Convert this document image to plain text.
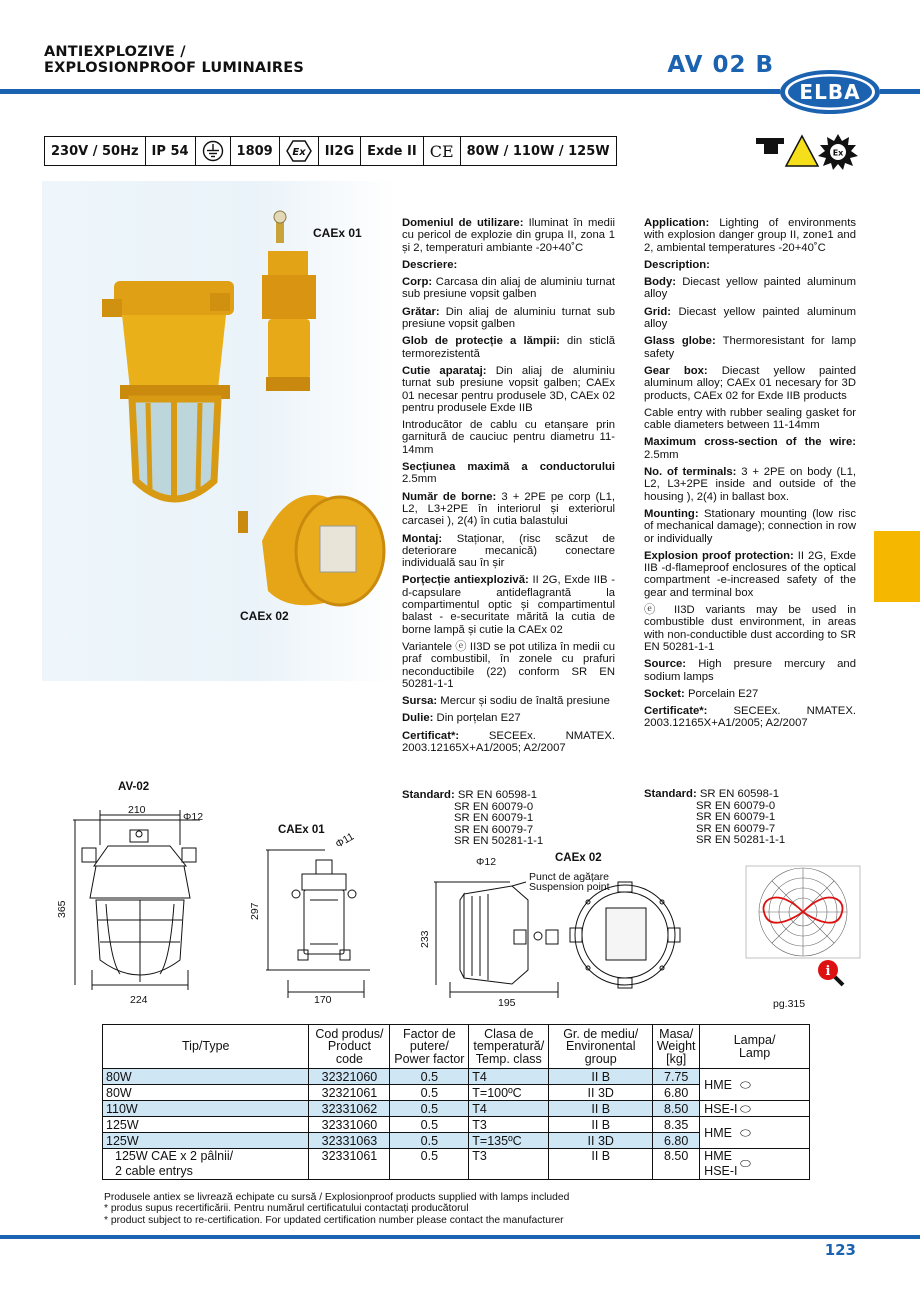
ANTIEXPLOZIVE /
EXPLOSIONPROOF LUMINAIRES	AV 02 B
ELBA
230V / 50Hz	IP 54	1809	Ex	II2G	Exde II CE	80W / 110W / 125W	Ex
CAEx 01
CAEx 02

Domeniul de utilizare: Iluminat în medii cu pericol de explozie din grupa II, zona 1 și 2, temperaturi ambiante -20+40˚C

Descriere:

Corp: Carcasa din aliaj de aluminiu turnat sub presiune vopsit galben

Grătar: Din aliaj de aluminiu turnat sub presiune vopsit galben

Glob de protecție a lămpii: din sticlă termorezistentă

Cutie aparataj: Din aliaj de aluminiu turnat sub presiune vopsit galben; CAEx 01 necesar pentru produsele 3D, CAEx 02 pentru produsele Exde IIB

Introducător de cablu cu etanșare prin garnitură de cauciuc pentru diametru 11-14mm

Secțiunea maximă a conductorului 2.5mm

Număr de borne: 3 + 2PE pe corp (L1, L2, L3+2PE în interiorul și exteriorul carcasei ), 2(4) în cutia balastului

Montaj: Staționar, (risc scăzut de deteriorare mecanică) conectare individuală sau în șir

Porțecție antiexplozivă: II 2G, Exde IIB -d-capsulare antideflagrantă la compartimentul optic și compartimentul balast - e-securitate mărită la cutia de borne lampă și cutie la CAEx 02

Variantele ⓔ II3D se pot utiliza în medii cu praf combustibil, în zonele cu prafuri neconductibile (22) conform SR EN 50281-1-1

Sursa: Mercur și sodiu de înaltă presiune

Dulie: Din porțelan E27

Certificat*: SECEEx. NMATEX. 2003.12165X+A1/2005; A2/2007

Application: Lighting of environments with explosion danger group II, zone1 and 2, ambiental temperatures -20+40˚C

Description:

Body: Diecast yellow painted aluminum alloy

Grid: Diecast yellow painted aluminum alloy

Glass globe: Thermoresistant for lamp safety

Gear box: Diecast yellow painted aluminum alloy; CAEx 01 necesary for 3D products, CAEx 02 for Exde IIB products

Cable entry with rubber sealing gasket for cable diameters between 11-14mm

Maximum cross-section of the wire: 2.5mm

No. of terminals: 3 + 2PE on body (L1, L2, L3+2PE inside and outside of the housing ), 2(4) in ballast box.

Mounting: Stationary mounting (low risc of mechanical damage); connection in row or individually

Explosion proof protection: II 2G, Exde IIB -d-flameproof enclosures of the optical compartment -e-increased safety of the gear and terminal box

ⓔ II3D variants may be used in combustible dust environment, in areas with non-conductible dust according to SR EN 50281-1-1

Source: High presure mercury and sodium lamps

Socket: Porcelain E27

Certificate*: SECEEx. NMATEX. 2003.12165X+A1/2005; A2/2007

Standard: SR EN 60598-1
SR EN 60079-0
SR EN 60079-1
SR EN 60079-7
SR EN 50281-1-1
Standard: SR EN 60598-1
SR EN 60079-0
SR EN 60079-1
SR EN 60079-7
SR EN 50281-1-1
AV-02
210
Φ12
365
224
CAEx 01
Φ11
297
170
CAEx 02
Φ12
Punct de agățare
Suspension point
233
195
i
pg.315
Tip/Type	Cod produs/
Product
code	Factor de
putere/
Power factor	Clasa de
temperatură/
Temp. class	Gr. de mediu/
Environental
group	Masa/
Weight
[kg]	Lampa/
Lamp
80W	32321060	0.5	T4	II B	7.75	HME ⬭
80W	32321061	0.5	T=100ºC	II 3D	6.80	
110W	32331062	0.5	T4	II B	8.50	HSE-I ⬭
125W	32331060	0.5	T3	II B	8.35	HME ⬭
125W	32331063	0.5	T=135ºC	II 3D	6.80	
125W CAE x 2 pâlnii/
2 cable entrys	32331061	0.5	T3	II B	8.50	HME
HSE-I⬭
Produsele antiex se livrează echipate cu sursă / Explosionproof products supplied with lamps included
* produs supus recertificării. Pentru numărul certificatului contactați producătorul
* product subject to re-certification. For updated certification number please contact the manufacturer
123
